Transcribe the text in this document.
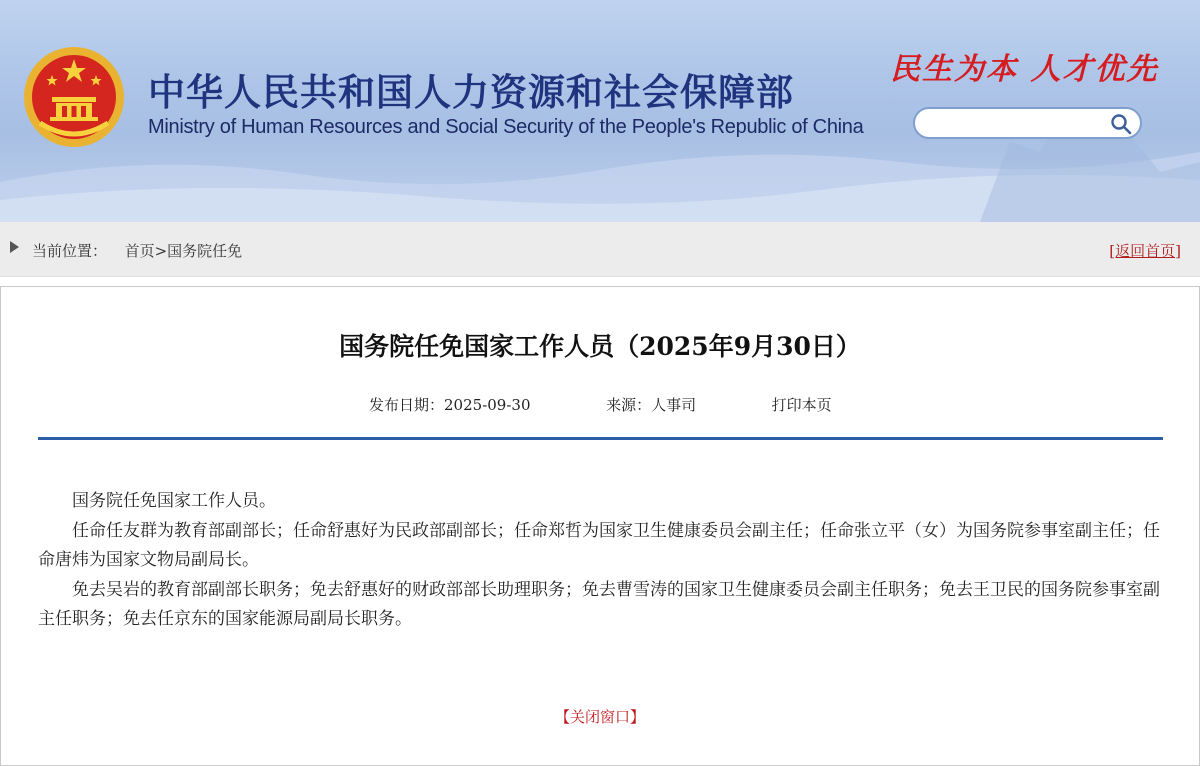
中华人民共和国人力资源和社会保障部
Ministry of Human Resources and Social Security of the People's Republic of China
民生为本 人才优先
当前位置： 首页>国务院任免	[返回首页]
国务院任免国家工作人员（2025年9月30日）
发布日期：2025-09-30	来源：人事司	打印本页

国务院任免国家工作人员。

任命任友群为教育部副部长；任命舒惠好为民政部副部长；任命郑哲为国家卫生健康委员会副主任；任命张立平（女）为国务院参事室副主任；任命唐炜为国家文物局副局长。

免去吴岩的教育部副部长职务；免去舒惠好的财政部部长助理职务；免去曹雪涛的国家卫生健康委员会副主任职务；免去王卫民的国务院参事室副主任职务；免去任京东的国家能源局副局长职务。

【关闭窗口】
